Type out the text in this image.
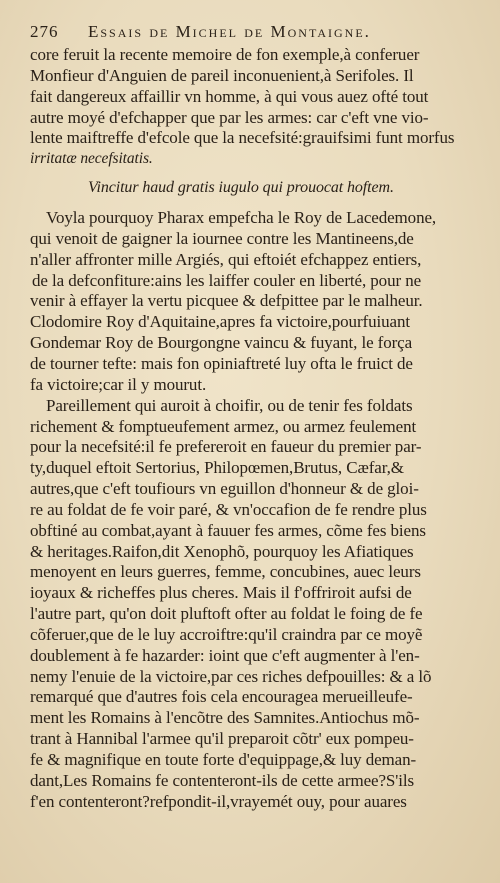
276 Essais de Michel de Montaigne.
core feruit la recente memoire de fon exemple,à conferuer
Monfieur d'Anguien de pareil inconuenient,à Serifoles. Il
fait dangereux affaillir vn homme, à qui vous auez ofté tout
autre moyé d'efchapper que par les armes: car c'eft vne vio-
lente maiftreffe d'efcole que la necefsité:grauifsimi funt morfus
irritatæ necefsitatis.
Vincitur haud gratis iugulo qui prouocat hoftem.
Voyla pourquoy Pharax empefcha le Roy de Lacedemone,
qui venoit de gaigner la iournee contre les Mantineens,de
n'aller affronter mille Argiés, qui eftoiét efchappez entiers,
de la defconfiture:ains les laiffer couler en liberté, pour ne
venir à effayer la vertu picquee & defpittee par le malheur.
Clodomire Roy d'Aquitaine,apres fa victoire,pourfuiuant
Gondemar Roy de Bourgongne vaincu & fuyant, le força
de tourner tefte: mais fon opiniaftreté luy ofta le fruict de
fa victoire;car il y mourut.
Pareillement qui auroit à choifir, ou de tenir fes foldats
richement & fomptueufement armez, ou armez feulement
pour la necefsité:il fe prefereroit en faueur du premier par-
ty,duquel eftoit Sertorius, Philopœmen,Brutus, Cæfar,&
autres,que c'eft toufiours vn eguillon d'honneur & de gloi-
re au foldat de fe voir paré, & vn'occafion de fe rendre plus
obftiné au combat,ayant à fauuer fes armes, cõme fes biens
& heritages.Raifon,dit Xenophõ, pourquoy les Afiatiques
menoyent en leurs guerres, femme, concubines, auec leurs
ioyaux & richeffes plus cheres. Mais il f'offriroit aufsi de
l'autre part, qu'on doit pluftoft ofter au foldat le foing de fe
cõferuer,que de le luy accroiftre:qu'il craindra par ce moyẽ
doublement à fe hazarder: ioint que c'eft augmenter à l'en-
nemy l'enuie de la victoire,par ces riches defpouilles: & a lõ
remarqué que d'autres fois cela encouragea merueilleufe-
ment les Romains à l'encõtre des Samnites.Antiochus mõ-
trant à Hannibal l'armee qu'il preparoit cõtr' eux pompeu-
fe & magnifique en toute forte d'equippage,& luy deman-
dant,Les Romains fe contenteront-ils de cette armee?S'ils
f'en contenteront?refpondit-il,vrayemét ouy, pour auares
